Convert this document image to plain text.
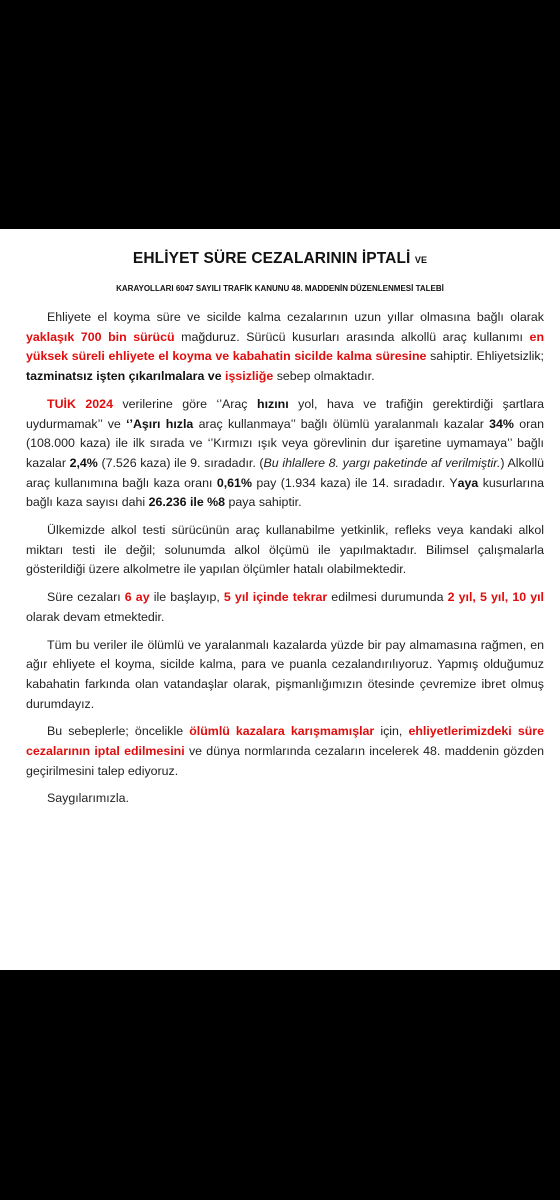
EHLİYET SÜRE CEZALARININ İPTALİ VE
KARAYOLLARI 6047 SAYILI TRAFİK KANUNU 48. MADDENİN DÜZENLENMESİ TALEBİ

Ehliyete el koyma süre ve sicilde kalma cezalarının uzun yıllar olmasına bağlı olarak yaklaşık 700 bin sürücü mağduruz. Sürücü kusurları arasında alkollü araç kullanımı en yüksek süreli ehliyete el koyma ve kabahatin sicilde kalma süresine sahiptir. Ehliyetsizlik; tazminatsız işten çıkarılmalara ve işsizliğe sebep olmaktadır.

TUİK 2024 verilerine göre ‘’Araç hızını yol, hava ve trafiğin gerektirdiği şartlara uydurmamak’’ ve ‘’Aşırı hızla araç kullanmaya’’ bağlı ölümlü yaralanmalı kazalar 34% oran (108.000 kaza) ile ilk sırada ve ‘’Kırmızı ışık veya görevlinin dur işaretine uymamaya’’ bağlı kazalar 2,4% (7.526 kaza) ile 9. sıradadır. (Bu ihlallere 8. yargı paketinde af verilmiştir.) Alkollü araç kullanımına bağlı kaza oranı 0,61% pay (1.934 kaza) ile 14. sıradadır. Yaya kusurlarına bağlı kaza sayısı dahi 26.236 ile %8 paya sahiptir.

Ülkemizde alkol testi sürücünün araç kullanabilme yetkinlik, refleks veya kandaki alkol miktarı testi ile değil; solunumda alkol ölçümü ile yapılmaktadır. Bilimsel çalışmalarla gösterildiği üzere alkolmetre ile yapılan ölçümler hatalı olabilmektedir.

Süre cezaları 6 ay ile başlayıp, 5 yıl içinde tekrar edilmesi durumunda 2 yıl, 5 yıl, 10 yıl olarak devam etmektedir.

Tüm bu veriler ile ölümlü ve yaralanmalı kazalarda yüzde bir pay almamasına rağmen, en ağır ehliyete el koyma, sicilde kalma, para ve puanla cezalandırılıyoruz. Yapmış olduğumuz kabahatin farkında olan vatandaşlar olarak, pişmanlığımızın ötesinde çevremize ibret olmuş durumdayız.

Bu sebeplerle; öncelikle ölümlü kazalara karışmamışlar için, ehliyetlerimizdeki süre cezalarının iptal edilmesini ve dünya normlarında cezaların incelerek 48. maddenin gözden geçirilmesini talep ediyoruz.

Saygılarımızla.
